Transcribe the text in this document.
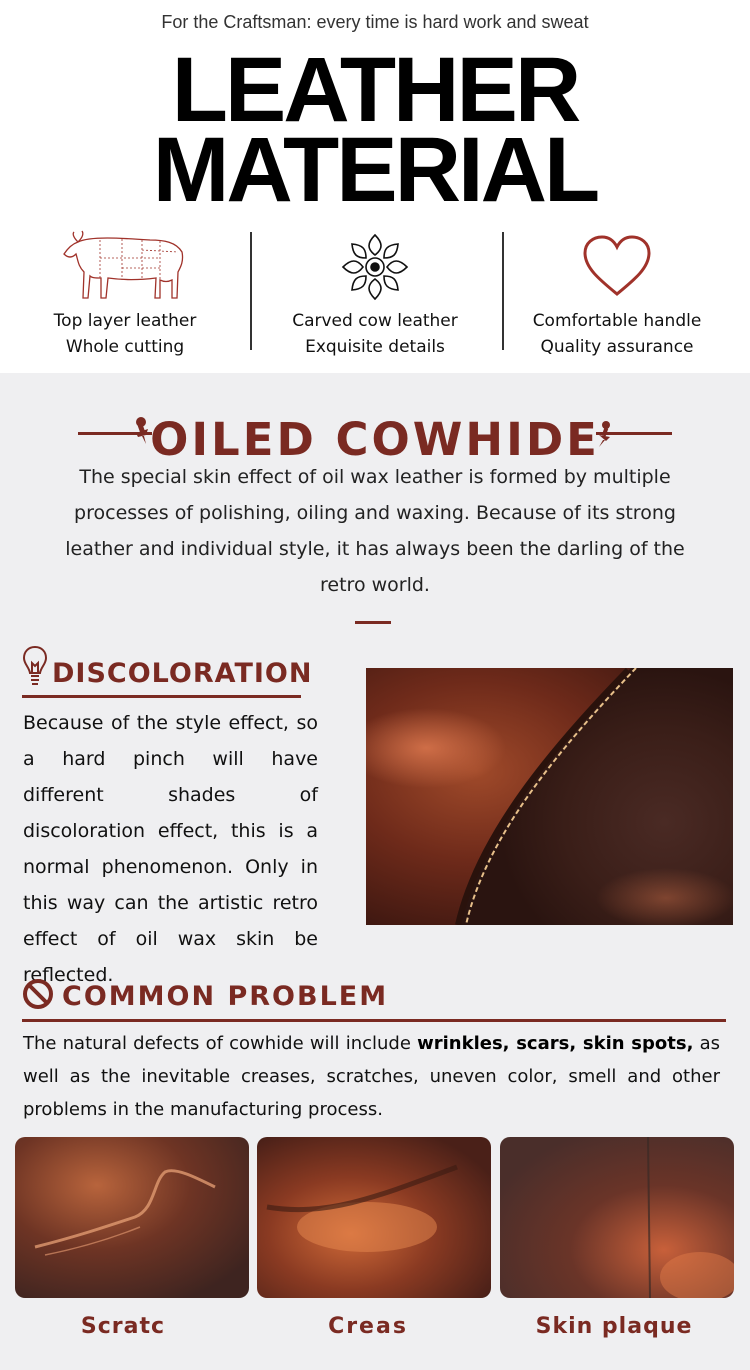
For the Craftsman: every time is hard work and sweat
LEATHER
MATERIAL
Top layer leather
Whole cutting
Carved cow leather
Exquisite details
Comfortable handle
Quality assurance
OILED COWHIDE
The special skin effect of oil wax leather is formed by multiple processes of polishing, oiling and waxing. Because of its strong leather and individual style, it has always been the darling of the retro world.
DISCOLORATION
Because of the style effect, so a hard pinch will have different shades of discoloration effect, this is a normal phenomenon. Only in this way can the artistic retro effect of oil wax skin be reflected.
COMMON PROBLEM
The natural defects of cowhide will include wrinkles, scars, skin spots, as well as the inevitable creases, scratches, uneven color, smell and other problems in the manufacturing process.
Scratc	Creas	Skin plaque
